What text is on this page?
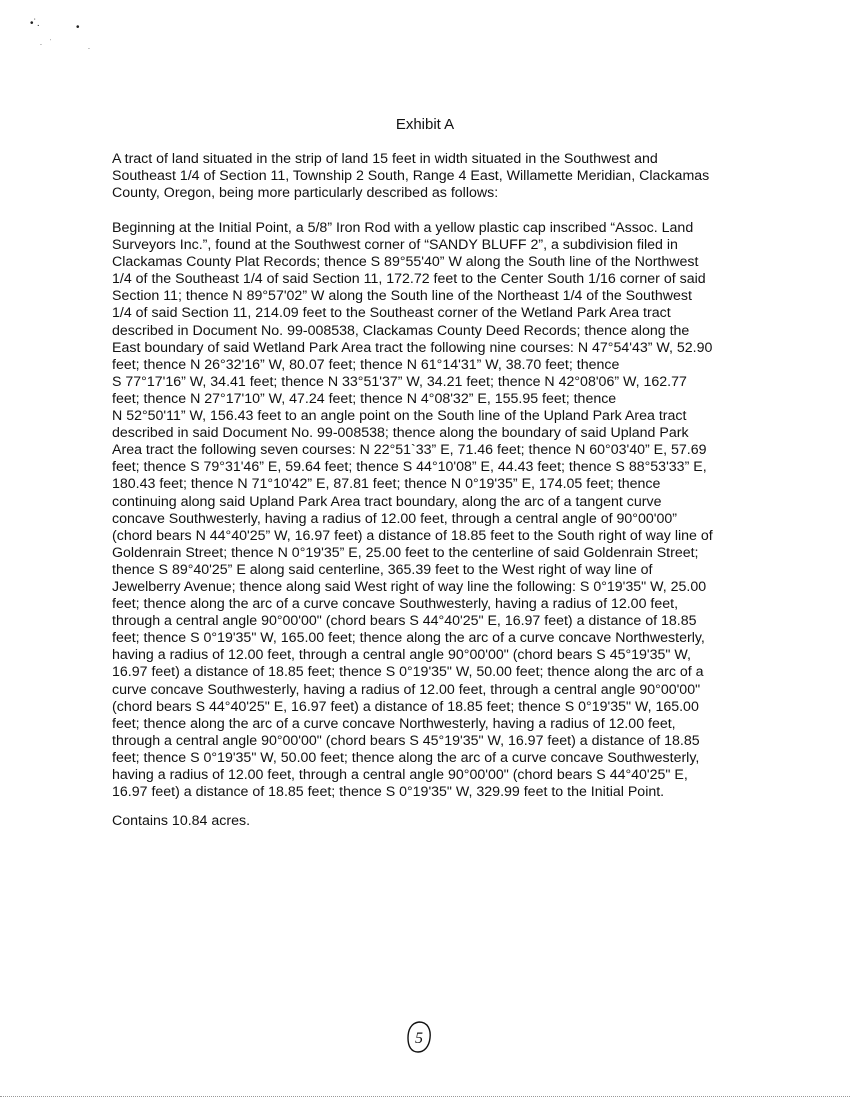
•˙.	•
.    ˙
.
Exhibit A
A tract of land situated in the strip of land 15 feet in width situated in the Southwest and
Southeast 1/4 of Section 11, Township 2 South, Range 4 East, Willamette Meridian, Clackamas
County, Oregon, being more particularly described as follows:
Beginning at the Initial Point, a 5/8” Iron Rod with a yellow plastic cap inscribed “Assoc. Land
Surveyors Inc.”, found at the Southwest corner of “SANDY BLUFF 2”, a subdivision filed in
Clackamas County Plat Records; thence S 89°55'40” W along the South line of the Northwest
1/4 of the Southeast 1/4 of said Section 11, 172.72 feet to the Center South 1/16 corner of said
Section 11; thence N 89°57'02” W along the South line of the Northeast 1/4 of the Southwest
1/4 of said Section 11, 214.09 feet to the Southeast corner of the Wetland Park Area tract
described in Document No. 99-008538, Clackamas County Deed Records; thence along the
East boundary of said Wetland Park Area tract the following nine courses: N 47°54'43” W, 52.90
feet; thence N 26°32'16” W, 80.07 feet; thence N 61°14'31” W, 38.70 feet; thence
S 77°17'16” W, 34.41 feet; thence N 33°51'37” W, 34.21 feet; thence N 42°08'06” W, 162.77
feet; thence N 27°17'10” W, 47.24 feet; thence N 4°08'32” E, 155.95 feet; thence
N 52°50'11” W, 156.43 feet to an angle point on the South line of the Upland Park Area tract
described in said Document No. 99-008538; thence along the boundary of said Upland Park
Area tract the following seven courses: N 22°51`33” E, 71.46 feet; thence N 60°03'40” E, 57.69
feet; thence S 79°31'46” E, 59.64 feet; thence S 44°10'08” E, 44.43 feet; thence S 88°53'33” E,
180.43 feet; thence N 71°10'42” E, 87.81 feet; thence N 0°19'35” E, 174.05 feet; thence
continuing along said Upland Park Area tract boundary, along the arc of a tangent curve
concave Southwesterly, having a radius of 12.00 feet, through a central angle of 90°00'00”
(chord bears N 44°40'25” W, 16.97 feet) a distance of 18.85 feet to the South right of way line of
Goldenrain Street; thence N 0°19'35” E, 25.00 feet to the centerline of said Goldenrain Street;
thence S 89°40'25” E along said centerline, 365.39 feet to the West right of way line of
Jewelberry Avenue; thence along said West right of way line the following: S 0°19'35" W, 25.00
feet; thence along the arc of a curve concave Southwesterly, having a radius of 12.00 feet,
through a central angle 90°00'00" (chord bears S 44°40'25" E, 16.97 feet) a distance of 18.85
feet; thence S 0°19'35" W, 165.00 feet; thence along the arc of a curve concave Northwesterly,
having a radius of 12.00 feet, through a central angle 90°00'00" (chord bears S 45°19'35" W,
16.97 feet) a distance of 18.85 feet; thence S 0°19'35" W, 50.00 feet; thence along the arc of a
curve concave Southwesterly, having a radius of 12.00 feet, through a central angle 90°00'00"
(chord bears S 44°40'25" E, 16.97 feet) a distance of 18.85 feet; thence S 0°19'35" W, 165.00
feet; thence along the arc of a curve concave Northwesterly, having a radius of 12.00 feet,
through a central angle 90°00'00" (chord bears S 45°19'35" W, 16.97 feet) a distance of 18.85
feet; thence S 0°19'35" W, 50.00 feet; thence along the arc of a curve concave Southwesterly,
having a radius of 12.00 feet, through a central angle 90°00'00" (chord bears S 44°40'25" E,
16.97 feet) a distance of 18.85 feet; thence S 0°19'35" W, 329.99 feet to the Initial Point.
Contains 10.84 acres.
5
